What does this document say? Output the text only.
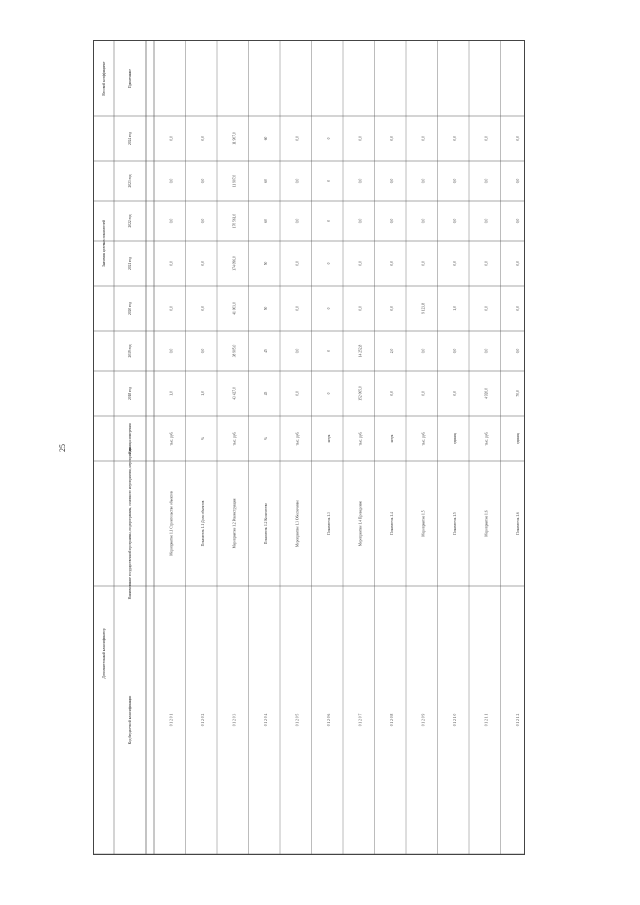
25
Примечание
2024 год
2023 год
2022 год
2021 год
2020 год
2019 год
2018 год
Единица измерения
Наименование государственной программы, подпрограммы, основного мероприятия, мероприятия
Код бюджетной классификации
Весовой коэффициент
Значения целевых показателей
Дополнительный классификатор
0,0
0,0
0,0
0,0
0,0
0,0
1,0
тыс. руб.
Мероприятие 1.1 Строительство объектов
0 1 2 0 1
0,0
0,0
0,0
0,0
0,0
0,0
1,0
%
Показатель 1.1 Доля объектов
0 1 2 0 2
11 907,0
11 907,0
170 561,0
174 096,0
41 003,0
38 905,0
43 427,0
тыс. руб.
Мероприятие 1.2 Реконструкция
0 1 2 0 3
60
60
60
50
50
45
45
%
Показатель 1.2 Количество
0 1 2 0 4
0,0
0,0
0,0
0,0
0,0
0,0
0,0
тыс. руб.
Мероприятие 1.3 Обеспечение
0 1 2 0 5
0
0
0
0
0
0
0
штук
Показатель 1.3
0 1 2 0 6
0,0
0,0
0,0
0,0
0,0
14 252,8
152 065,0
тыс. руб.
Мероприятие 1.4 Проведение
0 1 2 0 7
0,0
0,0
0,0
0,0
0,0
2,0
0,0
штук
Показатель 1.4
0 1 2 0 8
0,0
0,0
0,0
0,0
9 123,8
0,0
0,0
тыс. руб.
Мероприятие 1.5
0 1 2 0 9
0,0
0,0
0,0
0,0
1,0
0,0
0,0
единиц
Показатель 1.5
0 1 2 1 0
0,0
0,0
0,0
0,0
0,0
0,0
4 920,0
тыс. руб.
Мероприятие 1.6
0 1 2 1 1
0,0
0,0
0,0
0,0
0,0
0,0
70,0
единиц
Показатель 1.6
0 1 2 1 2
